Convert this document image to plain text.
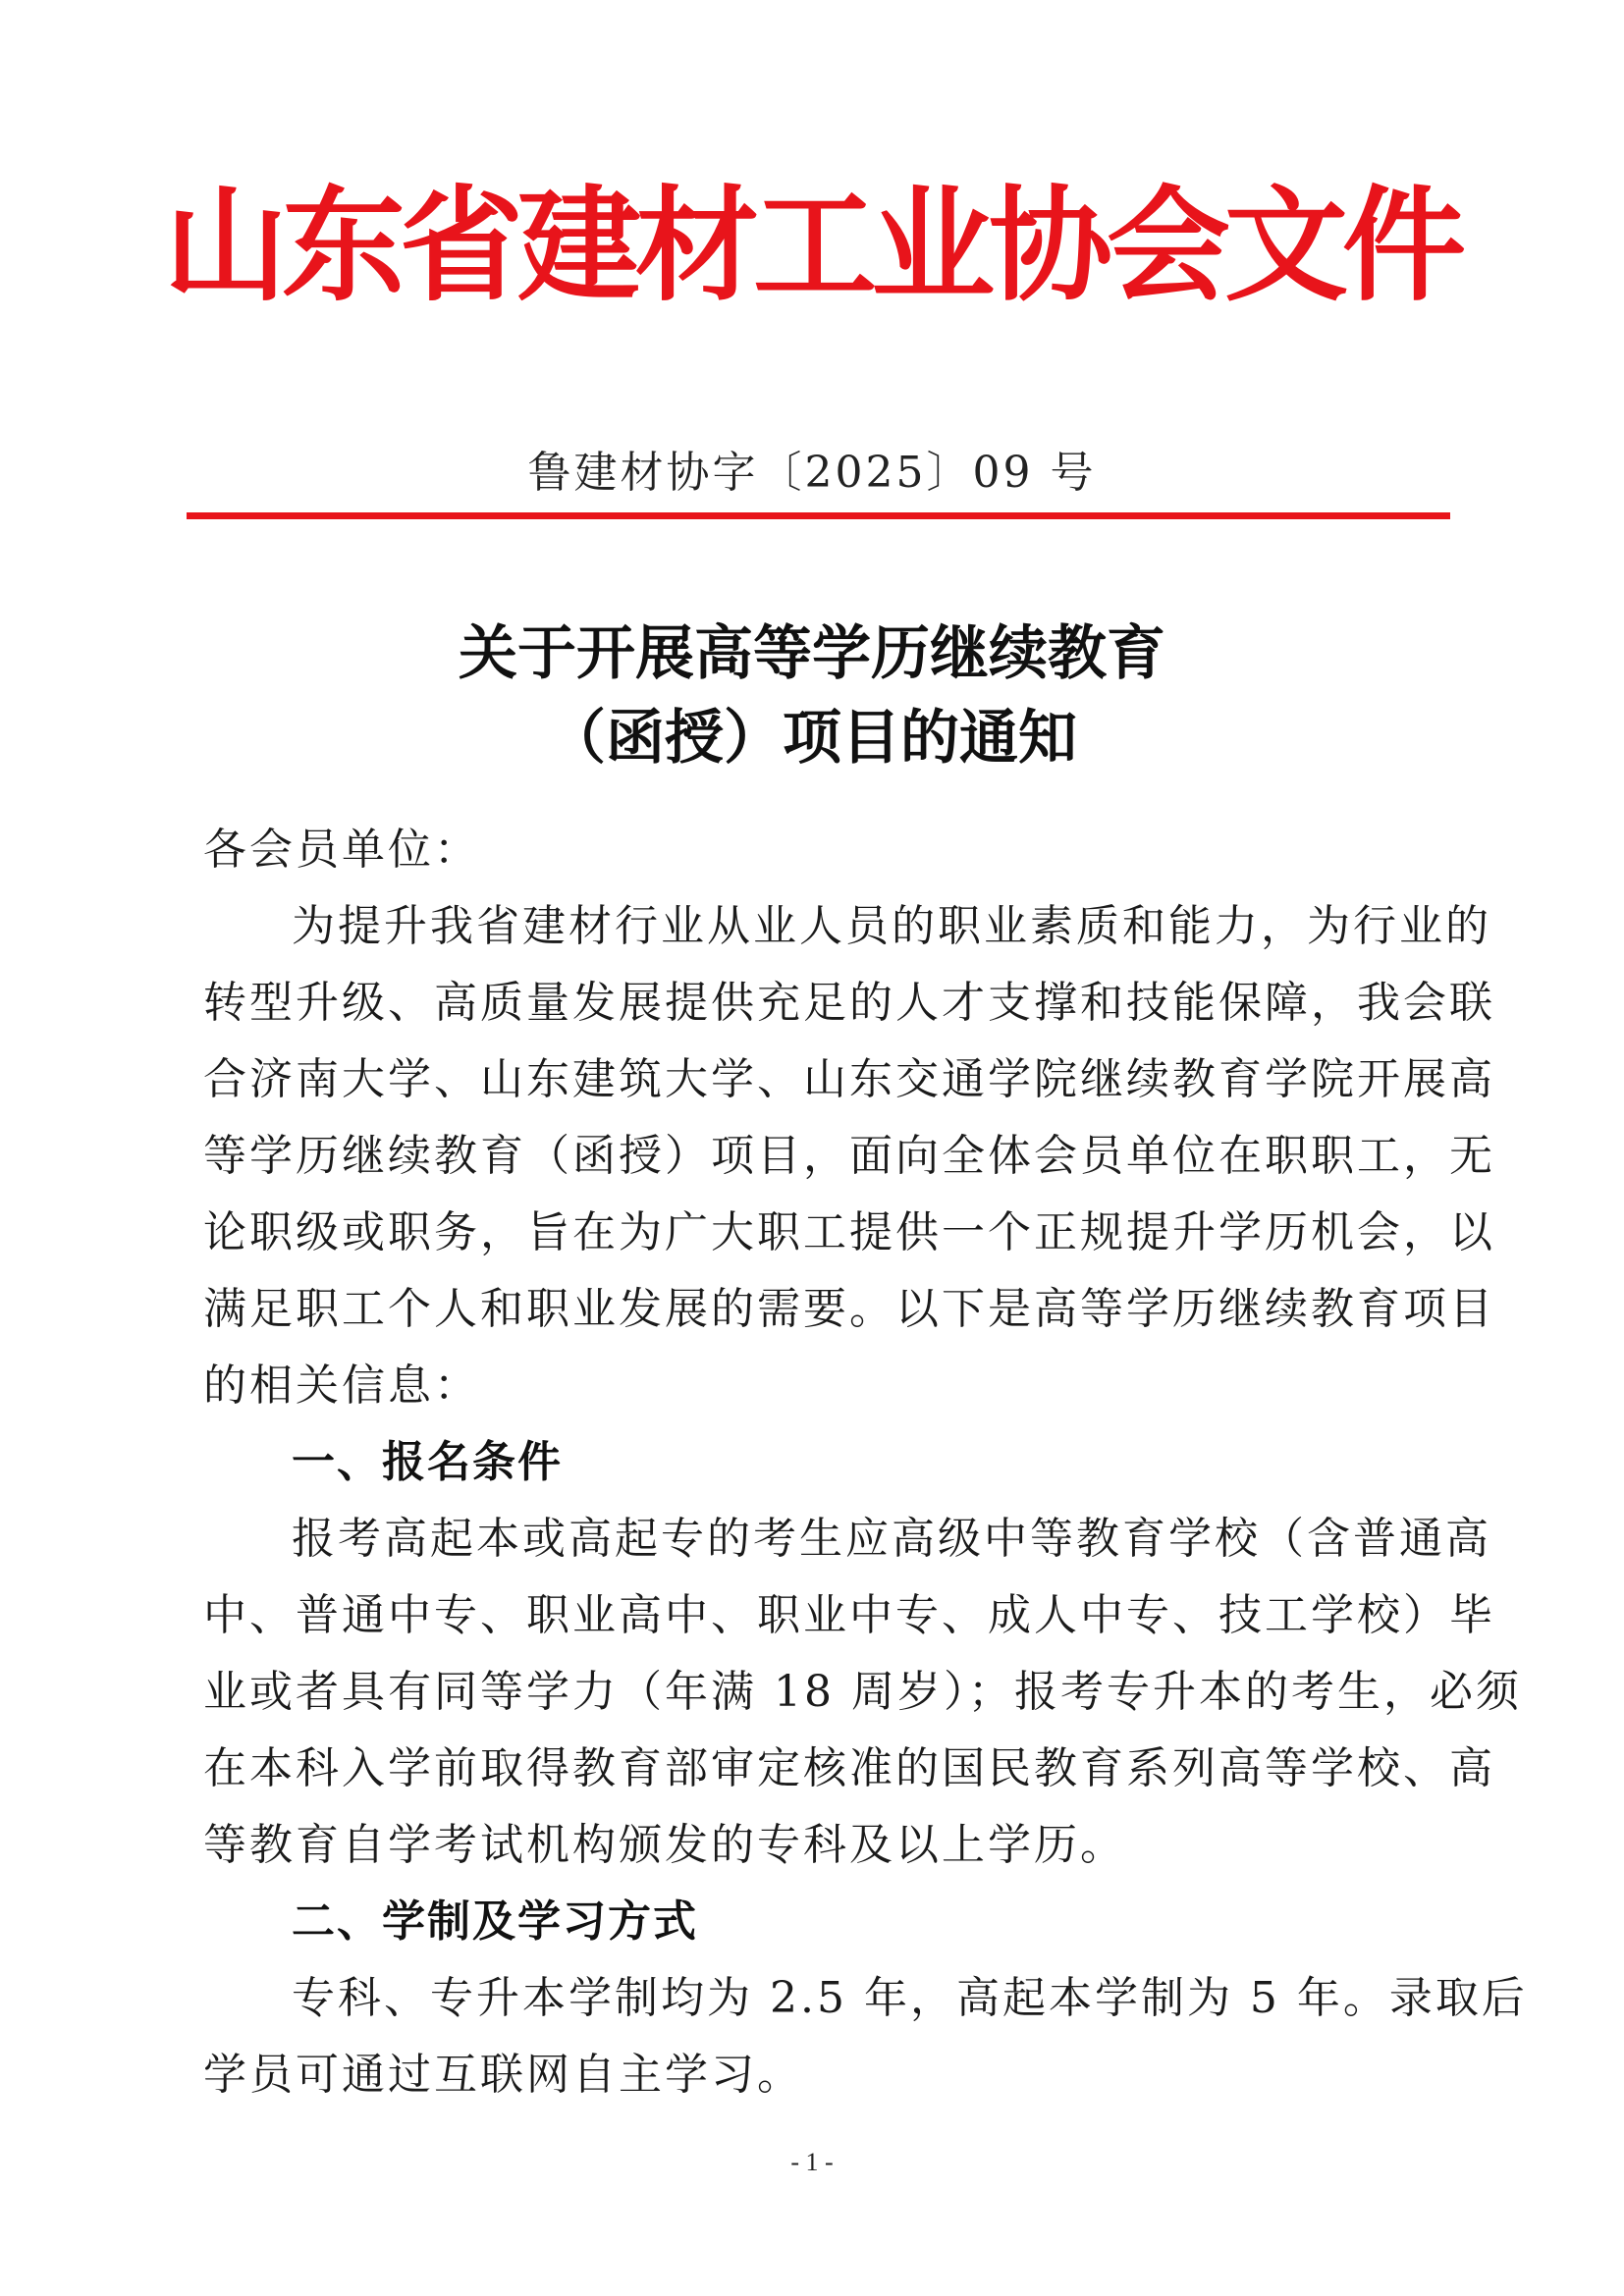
山东省建材工业协会文件
鲁建材协字〔2025〕09 号
关于开展高等学历继续教育
（函授）项目的通知
各会员单位：
为提升我省建材行业从业人员的职业素质和能力，为行业的
转型升级、高质量发展提供充足的人才支撑和技能保障，我会联
合济南大学、山东建筑大学、山东交通学院继续教育学院开展高
等学历继续教育（函授）项目，面向全体会员单位在职职工，无
论职级或职务，旨在为广大职工提供一个正规提升学历机会，以
满足职工个人和职业发展的需要。以下是高等学历继续教育项目
的相关信息：
一、报名条件
报考高起本或高起专的考生应高级中等教育学校（含普通高
中、普通中专、职业高中、职业中专、成人中专、技工学校）毕
业或者具有同等学力（年满 18 周岁）；报考专升本的考生，必须
在本科入学前取得教育部审定核准的国民教育系列高等学校、高
等教育自学考试机构颁发的专科及以上学历。
二、学制及学习方式
专科、专升本学制均为 2.5 年，高起本学制为 5 年。录取后
学员可通过互联网自主学习。
- 1 -
